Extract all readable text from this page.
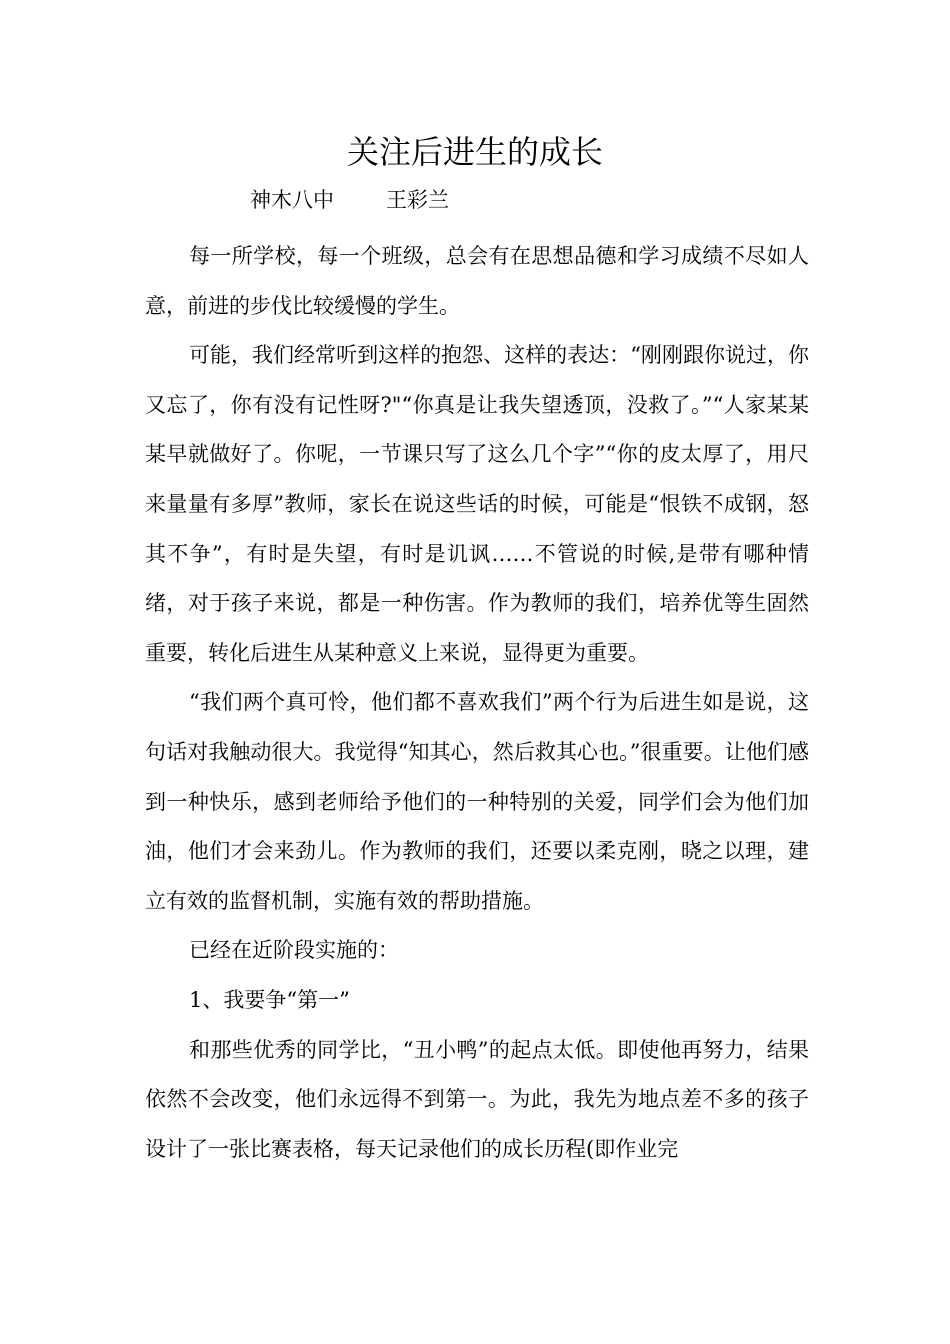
关注后进生的成长
神木八中 王彩兰

每一所学校，每一个班级，总会有在思想品德和学习成绩不尽如人意，前进的步伐比较缓慢的学生。

可能，我们经常听到这样的抱怨、这样的表达：“刚刚跟你说过，你又忘了，你有没有记性呀?"“你真是让我失望透顶，没救了。”“人家某某某早就做好了。你呢，一节课只写了这么几个字”“你的皮太厚了，用尺来量量有多厚”教师，家长在说这些话的时候，可能是“恨铁不成钢，怒其不争”，有时是失望，有时是讥讽……不管说的时候,是带有哪种情绪，对于孩子来说，都是一种伤害。作为教师的我们，培养优等生固然重要，转化后进生从某种意义上来说，显得更为重要。

“我们两个真可怜，他们都不喜欢我们”两个行为后进生如是说，这句话对我触动很大。我觉得“知其心，然后救其心也。”很重要。让他们感到一种快乐，感到老师给予他们的一种特别的关爱，同学们会为他们加油，他们才会来劲儿。作为教师的我们，还要以柔克刚，晓之以理，建立有效的监督机制，实施有效的帮助措施。

已经在近阶段实施的：

1、我要争“第一”

和那些优秀的同学比，“丑小鸭”的起点太低。即使他再努力，结果依然不会改变，他们永远得不到第一。为此，我先为地点差不多的孩子设计了一张比赛表格，每天记录他们的成长历程(即作业完
